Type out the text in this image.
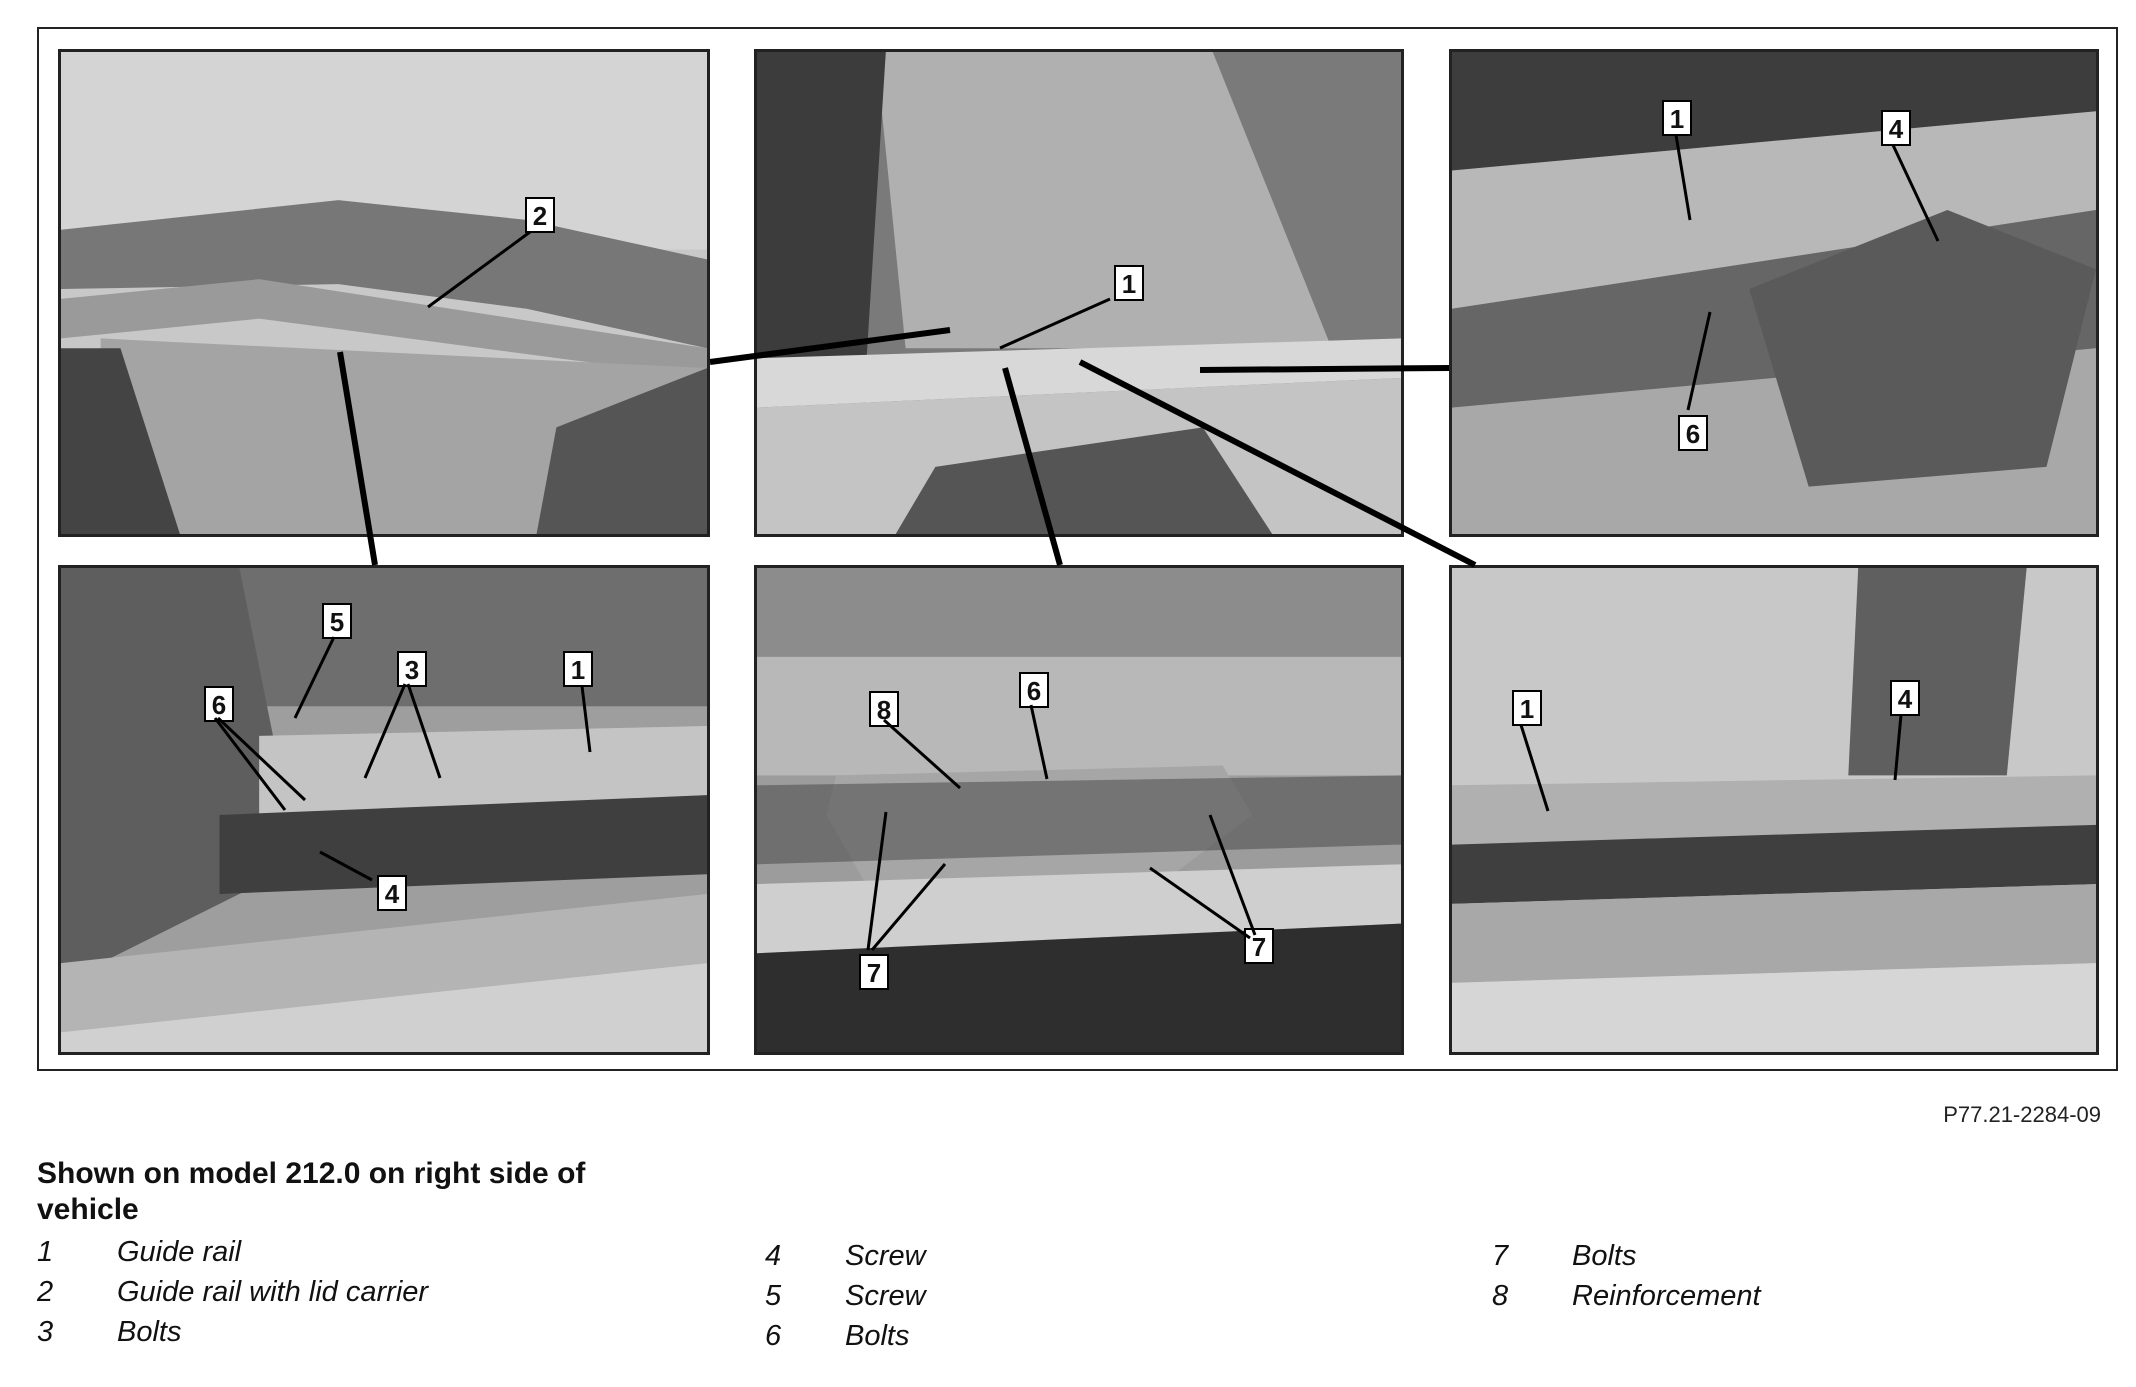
2
1
1	4
6
5
6
3	1
4
8
6
7
7
1	4
P77.21-2284-09
Shown on model 212.0 on right side of vehicle
1	Guide rail
2	Guide rail with lid carrier
3	Bolts
4	Screw
5	Screw
6	Bolts
7	Bolts
8	Reinforcement
